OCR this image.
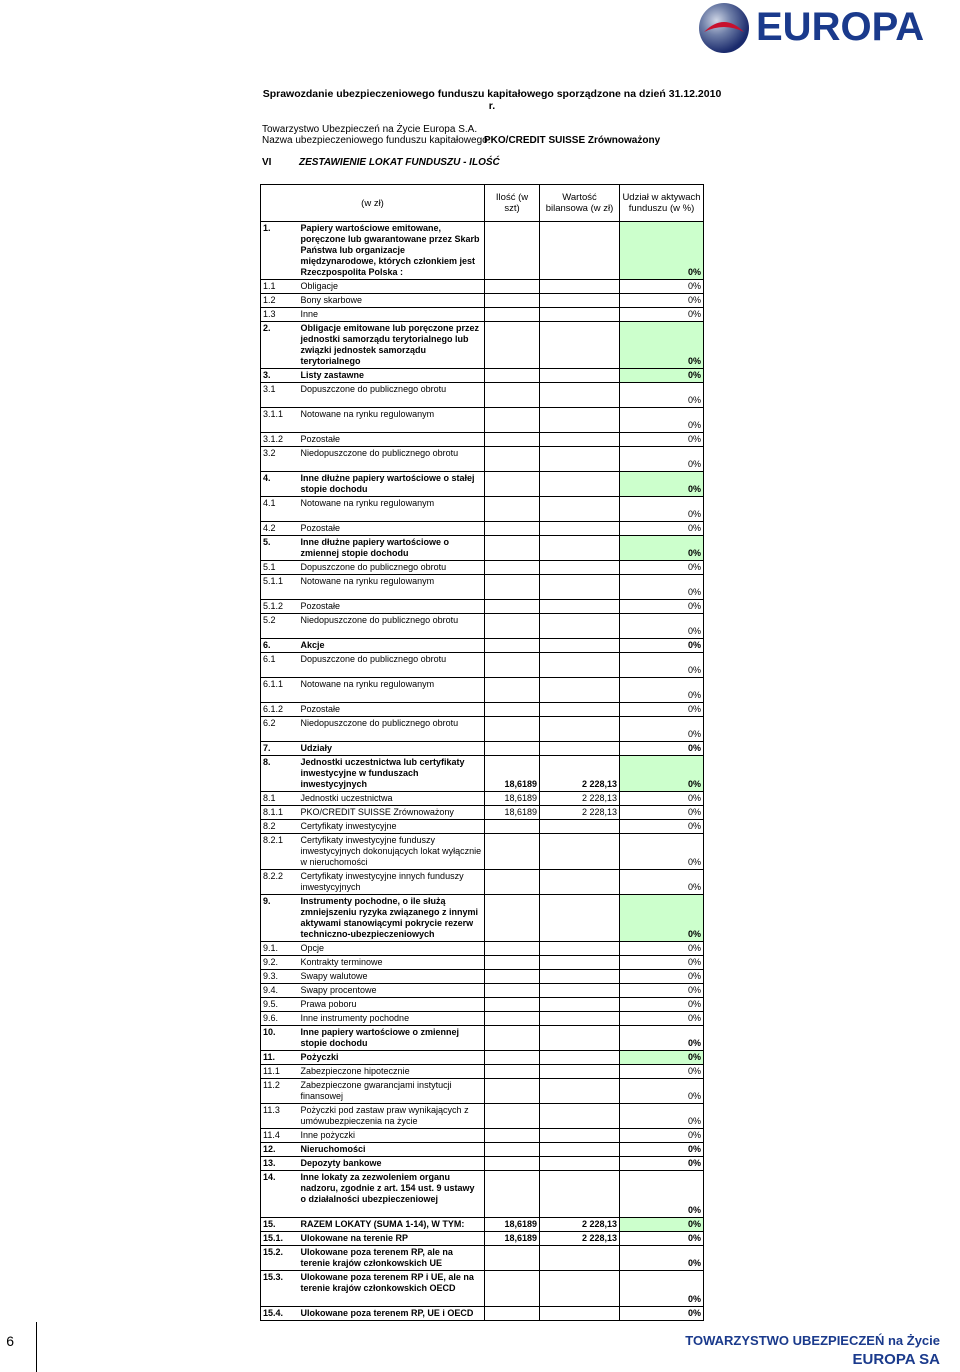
EUROPA
Sprawozdanie ubezpieczeniowego funduszu kapitałowego sporządzone na dzień 31.12.2010 r.
Towarzystwo Ubezpieczeń na Życie Europa S.A.
Nazwa ubezpieczeniowego funduszu kapitałowego:
PKO/CREDIT SUISSE Zrównoważony
VI	ZESTAWIENIE LOKAT FUNDUSZU - ILOŚĆ
(w zł)		Ilość (w szt)	Wartość bilansowa (w zł)	Udział w aktywach funduszu (w %)
1.	Papiery wartościowe emitowane, poręczone lub gwarantowane przez Skarb Państwa lub organizacje międzynarodowe, których członkiem jest Rzeczpospolita Polska :			0%
1.1	Obligacje			0%
1.2	Bony skarbowe			0%
1.3	Inne			0%
2.	Obligacje emitowane lub poręczone przez jednostki samorządu terytorialnego lub związki jednostek samorządu terytorialnego			0%
3.	Listy zastawne			0%
3.1	Dopuszczone do publicznego obrotu			0%
3.1.1	Notowane na rynku regulowanym			0%
3.1.2	Pozostałe			0%
3.2	Niedopuszczone do publicznego obrotu			0%
4.	Inne dłużne papiery wartościowe o stałej stopie dochodu			0%
4.1	Notowane na rynku regulowanym			0%
4.2	Pozostałe			0%
5.	Inne dłużne papiery wartościowe o zmiennej stopie dochodu			0%
5.1	Dopuszczone do publicznego obrotu			0%
5.1.1	Notowane na rynku regulowanym			0%
5.1.2	Pozostałe			0%
5.2	Niedopuszczone do publicznego obrotu			0%
6.	Akcje			0%
6.1	Dopuszczone do publicznego obrotu			0%
6.1.1	Notowane na rynku regulowanym			0%
6.1.2	Pozostałe			0%
6.2	Niedopuszczone do publicznego obrotu			0%
7.	Udziały			0%
8.	Jednostki uczestnictwa lub certyfikaty inwestycyjne w funduszach inwestycyjnych	18,6189	2 228,13	0%
8.1	Jednostki uczestnictwa	18,6189	2 228,13	0%
8.1.1	PKO/CREDIT SUISSE Zrównoważony	18,6189	2 228,13	0%
8.2	Certyfikaty inwestycyjne			0%
8.2.1	Certyfikaty inwestycyjne funduszy inwestycyjnych dokonujących lokat wyłącznie w nieruchomości			0%
8.2.2	Certyfikaty inwestycyjne innych funduszy inwestycyjnych			0%
9.	Instrumenty pochodne, o ile służą zmniejszeniu ryzyka związanego z innymi aktywami stanowiącymi pokrycie rezerw techniczno-ubezpieczeniowych			0%
9.1.	Opcje			0%
9.2.	Kontrakty terminowe			0%
9.3.	Swapy walutowe			0%
9.4.	Swapy procentowe			0%
9.5.	Prawa poboru			0%
9.6.	Inne instrumenty pochodne			0%
10.	Inne papiery wartościowe o zmiennej stopie dochodu			0%
11.	Pożyczki			0%
11.1	Zabezpieczone hipotecznie			0%
11.2	Zabezpieczone gwarancjami instytucji finansowej			0%
11.3	Pożyczki pod zastaw praw wynikających z umówubezpieczenia na życie			0%
11.4	Inne pożyczki			0%
12.	Nieruchomości			0%
13.	Depozyty bankowe			0%
14.	Inne lokaty za zezwoleniem organu nadzoru, zgodnie z art. 154 ust. 9 ustawy o działalności ubezpieczeniowej			0%
15.	RAZEM LOKATY (SUMA 1-14), W TYM:	18,6189	2 228,13	0%
15.1.	Ulokowane na terenie RP	18,6189	2 228,13	0%
15.2.	Ulokowane poza terenem RP, ale na terenie krajów członkowskich UE			0%
15.3.	Ulokowane poza terenem RP i UE, ale na terenie krajów członkowskich OECD			0%
15.4.	Ulokowane poza terenem RP, UE i OECD			0%
6	TOWARZYSTWO UBEZPIECZEŃ na Życie
EUROPA SA
